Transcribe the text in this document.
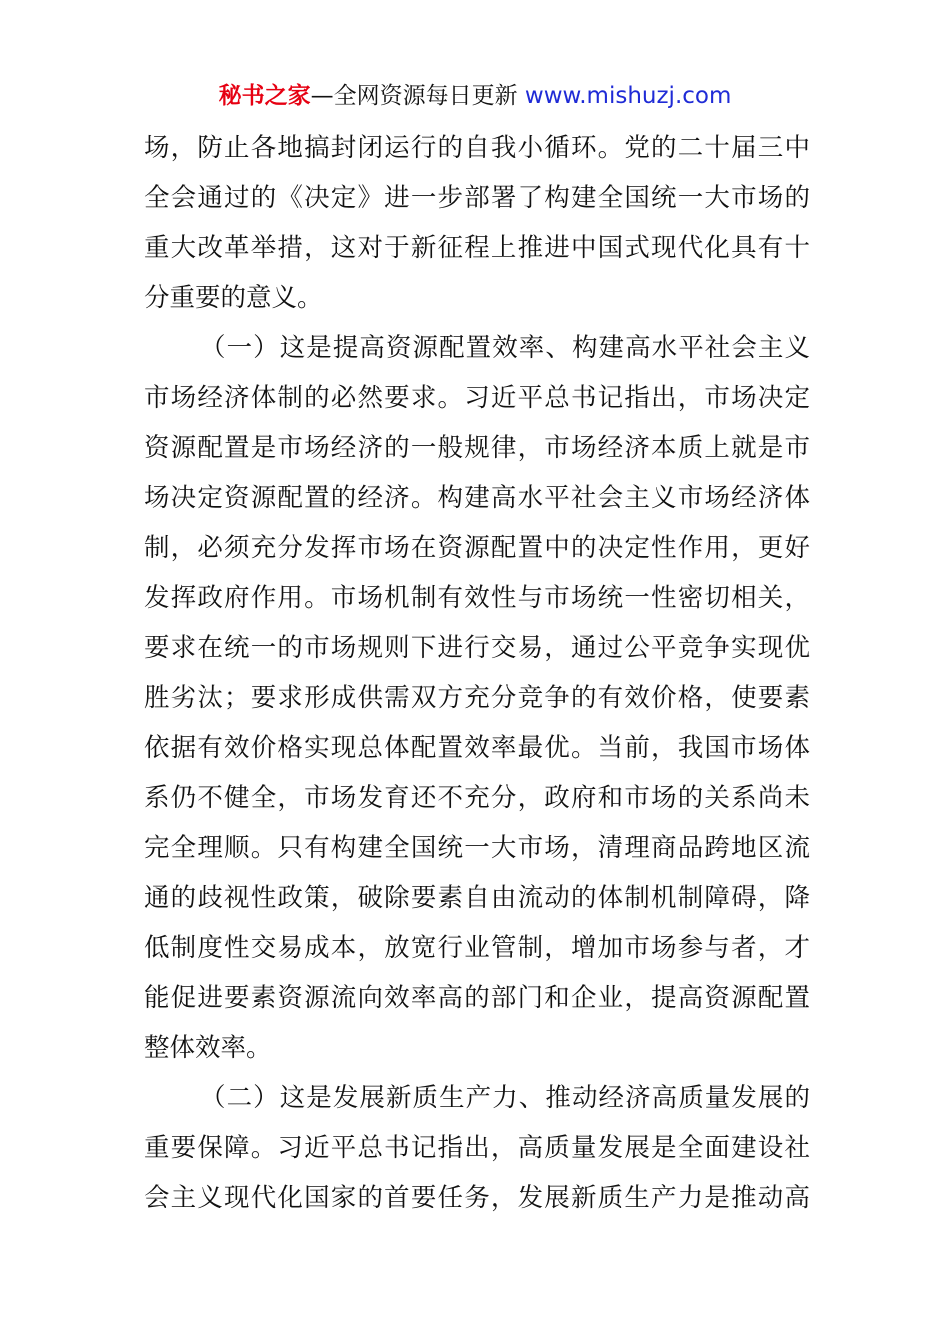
秘书之家—全网资源每日更新 www.mishuzj.com
场，防止各地搞封闭运行的自我小循环。党的二十届三中
全会通过的《决定》进一步部署了构建全国统一大市场的
重大改革举措，这对于新征程上推进中国式现代化具有十
分重要的意义。
（一）这是提高资源配置效率、构建高水平社会主义
市场经济体制的必然要求。习近平总书记指出，市场决定
资源配置是市场经济的一般规律，市场经济本质上就是市
场决定资源配置的经济。构建高水平社会主义市场经济体
制，必须充分发挥市场在资源配置中的决定性作用，更好
发挥政府作用。市场机制有效性与市场统一性密切相关，
要求在统一的市场规则下进行交易，通过公平竞争实现优
胜劣汰；要求形成供需双方充分竞争的有效价格，使要素
依据有效价格实现总体配置效率最优。当前，我国市场体
系仍不健全，市场发育还不充分，政府和市场的关系尚未
完全理顺。只有构建全国统一大市场，清理商品跨地区流
通的歧视性政策，破除要素自由流动的体制机制障碍，降
低制度性交易成本，放宽行业管制，增加市场参与者，才
能促进要素资源流向效率高的部门和企业，提高资源配置
整体效率。
（二）这是发展新质生产力、推动经济高质量发展的
重要保障。习近平总书记指出，高质量发展是全面建设社
会主义现代化国家的首要任务，发展新质生产力是推动高
